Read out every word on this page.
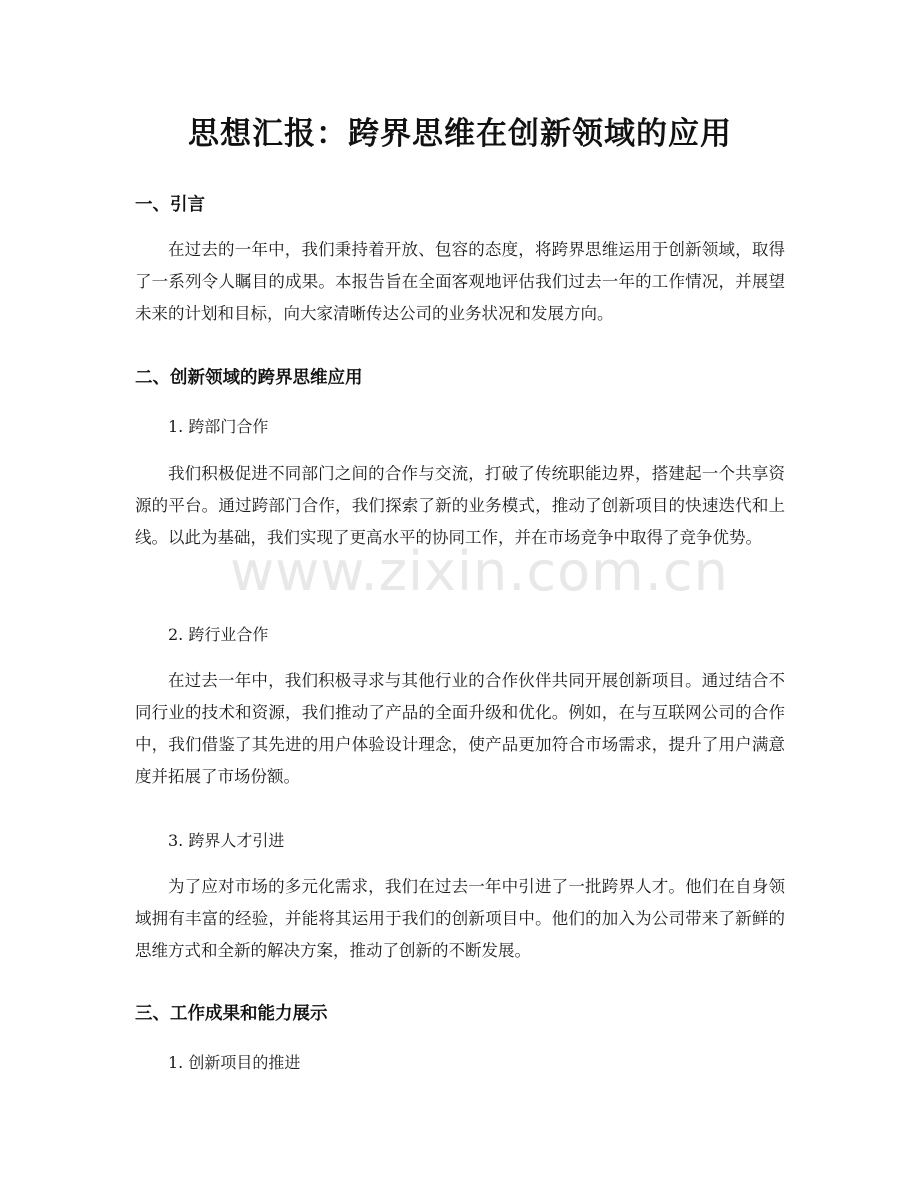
思想汇报：跨界思维在创新领域的应用
一、引言
在过去的一年中，我们秉持着开放、包容的态度，将跨界思维运用于创新领域，取得了一系列令人瞩目的成果。本报告旨在全面客观地评估我们过去一年的工作情况，并展望未来的计划和目标，向大家清晰传达公司的业务状况和发展方向。
二、创新领域的跨界思维应用
1. 跨部门合作
我们积极促进不同部门之间的合作与交流，打破了传统职能边界，搭建起一个共享资源的平台。通过跨部门合作，我们探索了新的业务模式，推动了创新项目的快速迭代和上线。以此为基础，我们实现了更高水平的协同工作，并在市场竞争中取得了竞争优势。
2. 跨行业合作
在过去一年中，我们积极寻求与其他行业的合作伙伴共同开展创新项目。通过结合不同行业的技术和资源，我们推动了产品的全面升级和优化。例如，在与互联网公司的合作中，我们借鉴了其先进的用户体验设计理念，使产品更加符合市场需求，提升了用户满意度并拓展了市场份额。
3. 跨界人才引进
为了应对市场的多元化需求，我们在过去一年中引进了一批跨界人才。他们在自身领域拥有丰富的经验，并能将其运用于我们的创新项目中。他们的加入为公司带来了新鲜的思维方式和全新的解决方案，推动了创新的不断发展。
三、工作成果和能力展示
1. 创新项目的推进
www.zixin.com.cn
